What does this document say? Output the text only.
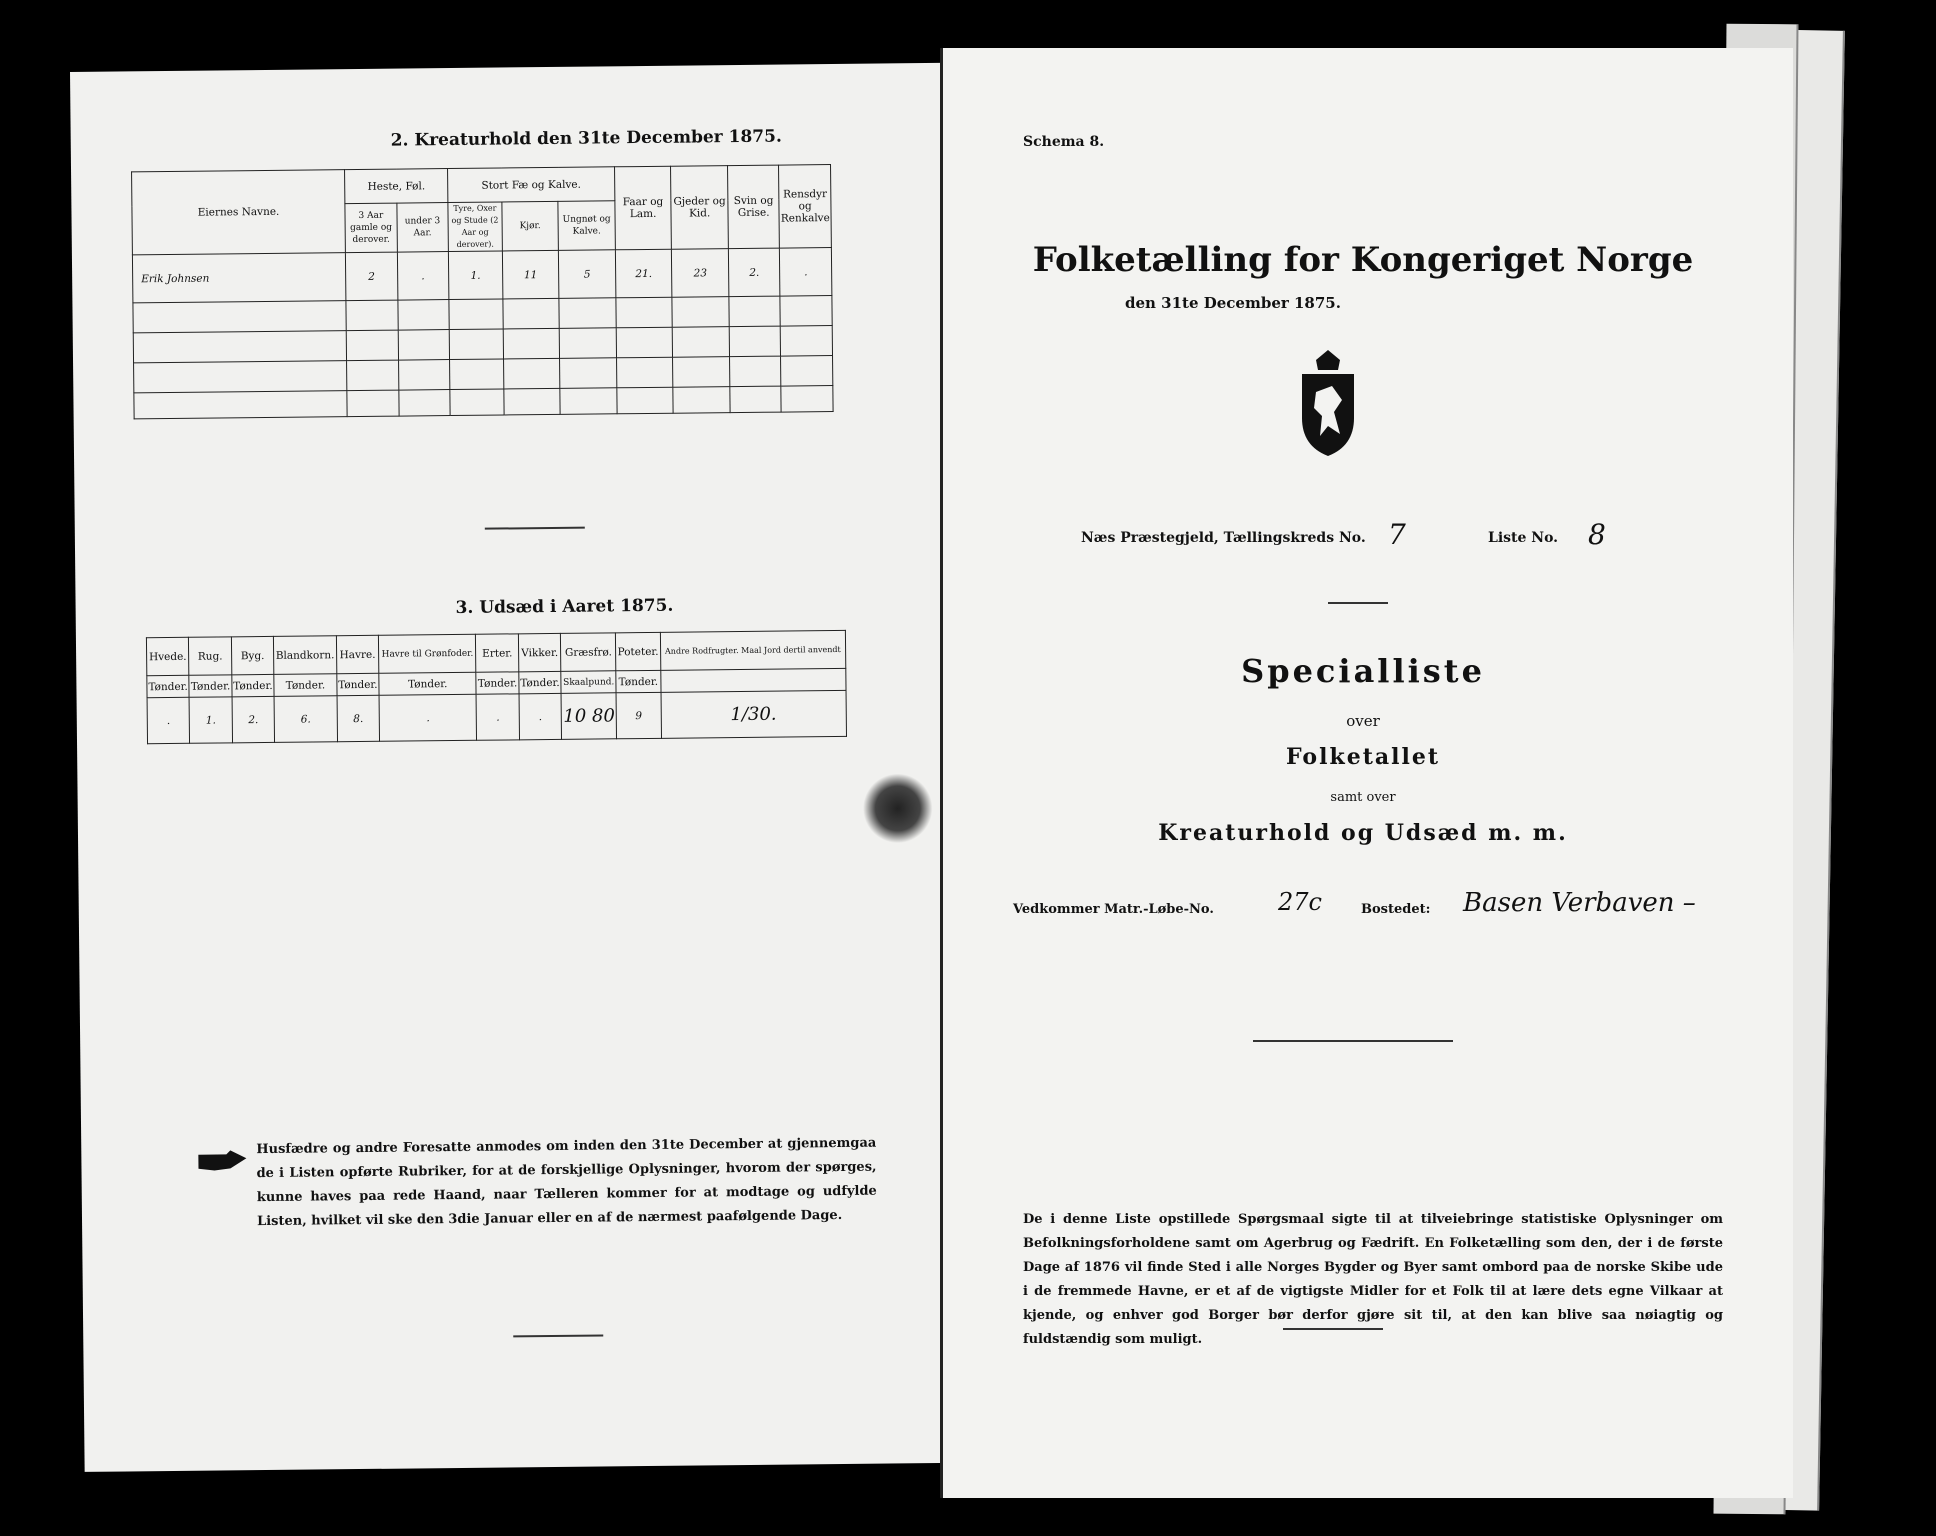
2. Kreaturhold den 31te December 1875.
Eiernes Navne.	Heste, Føl.		Stort Fæ og Kalve.			Faar og Lam.	Gjeder og Kid.	Svin og Grise.	Rensdyr og Renkalve
	3 Aar gamle og derover.	under 3 Aar.	Tyre, Oxer og Stude (2 Aar og derover).	Kjør.	Ungnøt og Kalve.				
Erik Johnsen	2	.	1.	11	5	21.	23	2.	.

3. Udsæd i Aaret 1875.
Hvede.	Rug.	Byg.	Blandkorn.	Havre.	Havre til Grønfoder.	Erter.	Vikker.	Græsfrø.	Poteter.	Andre Rodfrugter. Maal Jord dertil anvendt
Tønder.	Tønder.	Tønder.	Tønder.	Tønder.	Tønder.	Tønder.	Tønder.	Skaalpund.	Tønder.	
.	1.	2.	6.	8.	.	.	.	10 80	9	1/30.
Husfædre og andre Foresatte anmodes om inden den 31te December at gjennemgaa de i Listen opførte Rubriker, for at de forskjellige Oplysninger, hvorom der spørges, kunne haves paa rede Haand, naar Tælleren kommer for at modtage og udfylde Listen, hvilket vil ske den 3die Januar eller en af de nærmest paafølgende Dage.
Schema 8.
Folketælling for Kongeriget Norge
den 31te December 1875.
Næs Præstegjeld, Tællingskreds No. 7	Liste No. 8
Specialliste
over
Folketallet
samt over
Kreaturhold og Udsæd m. m.
Vedkommer Matr.-Løbe-No.	27c	Bostedet: Basen Verbaven –
De i denne Liste opstillede Spørgsmaal sigte til at tilveiebringe statistiske Oplysninger om Befolkningsforholdene samt om Agerbrug og Fædrift. En Folketælling som den, der i de første Dage af 1876 vil finde Sted i alle Norges Bygder og Byer samt ombord paa de norske Skibe ude i de fremmede Havne, er et af de vigtigste Midler for et Folk til at lære dets egne Vilkaar at kjende, og enhver god Borger bør derfor gjøre sit til, at den kan blive saa nøiagtig og fuldstændig som muligt.
